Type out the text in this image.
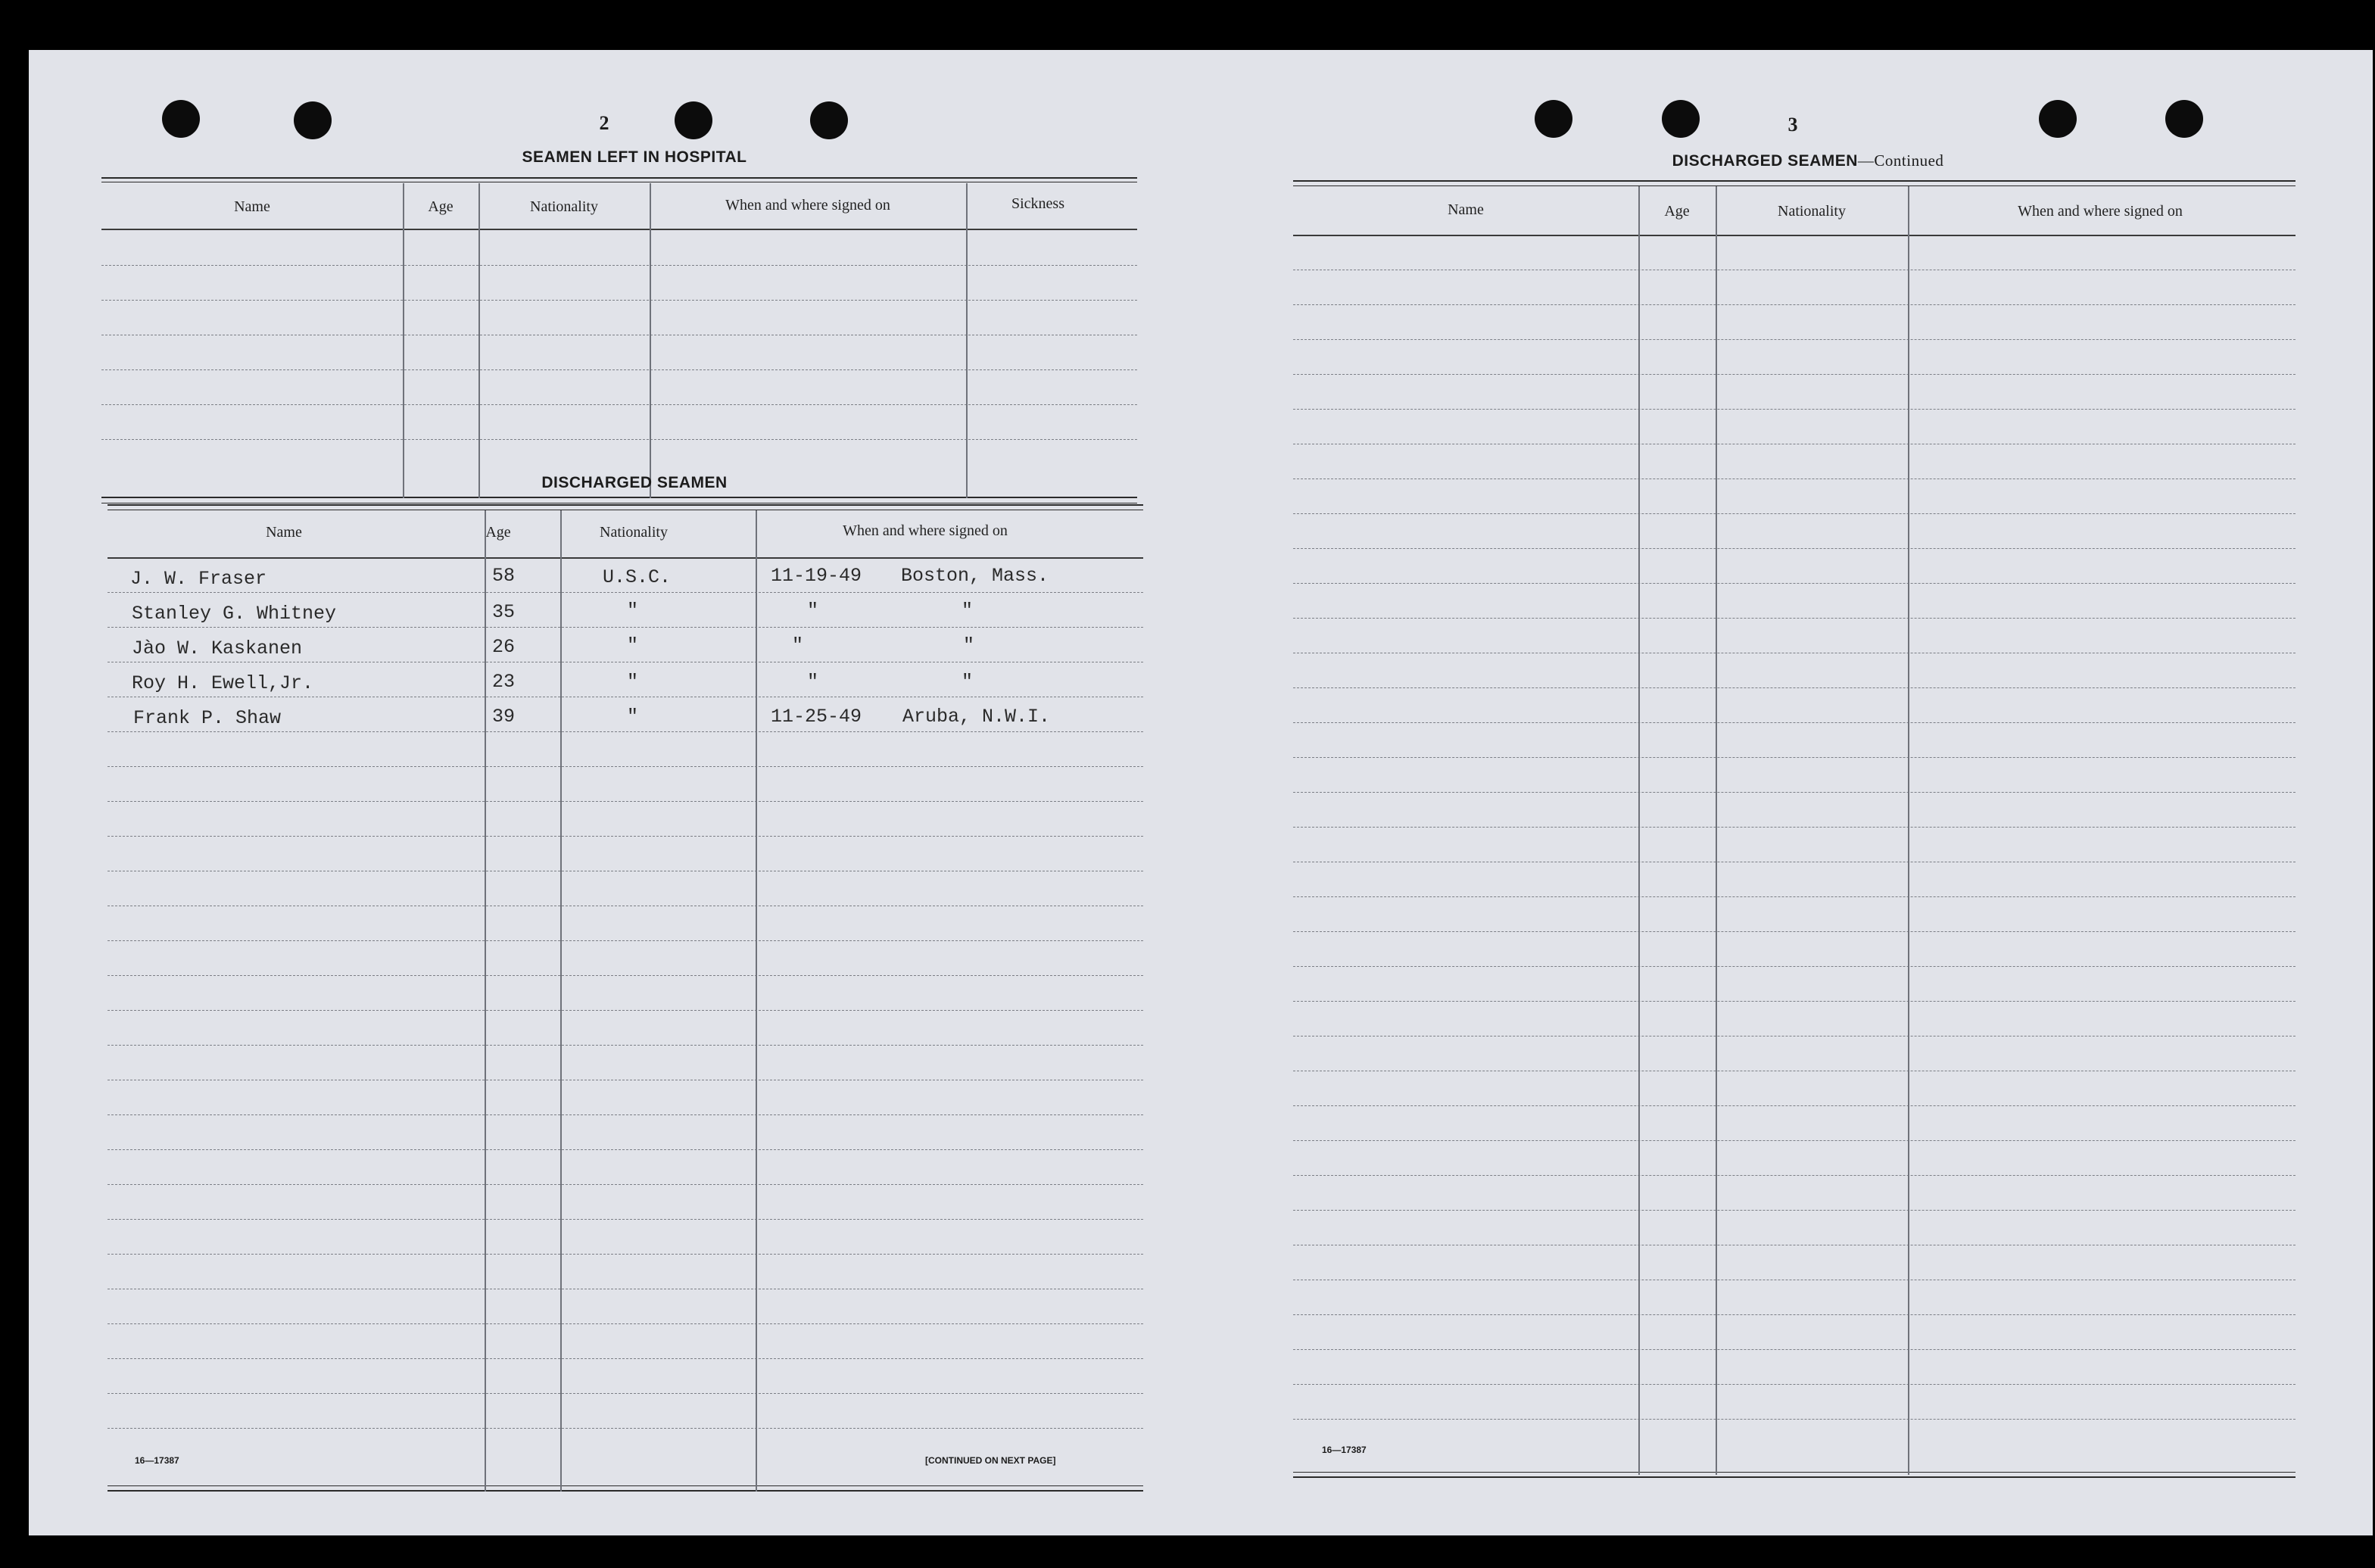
2
SEAMEN LEFT IN HOSPITAL
Name	Age	Nationality	When and where signed on	Sickness
DISCHARGED SEAMEN
Name	Age	Nationality	When and where signed on
J. W. Fraser	58	U.S.C.	11-19-49 Boston, Mass.
Stanley G. Whitney	35	"	"	"
Jào W. Kaskanen	26	"	"	"
Roy H. Ewell,Jr.	23	"	"	"
Frank P. Shaw	39	"	11-25-49 Aruba, N.W.I.
16—17387	[CONTINUED ON NEXT PAGE]
3
DISCHARGED SEAMEN—Continued
Name	Age	Nationality	When and where signed on
16—17387
